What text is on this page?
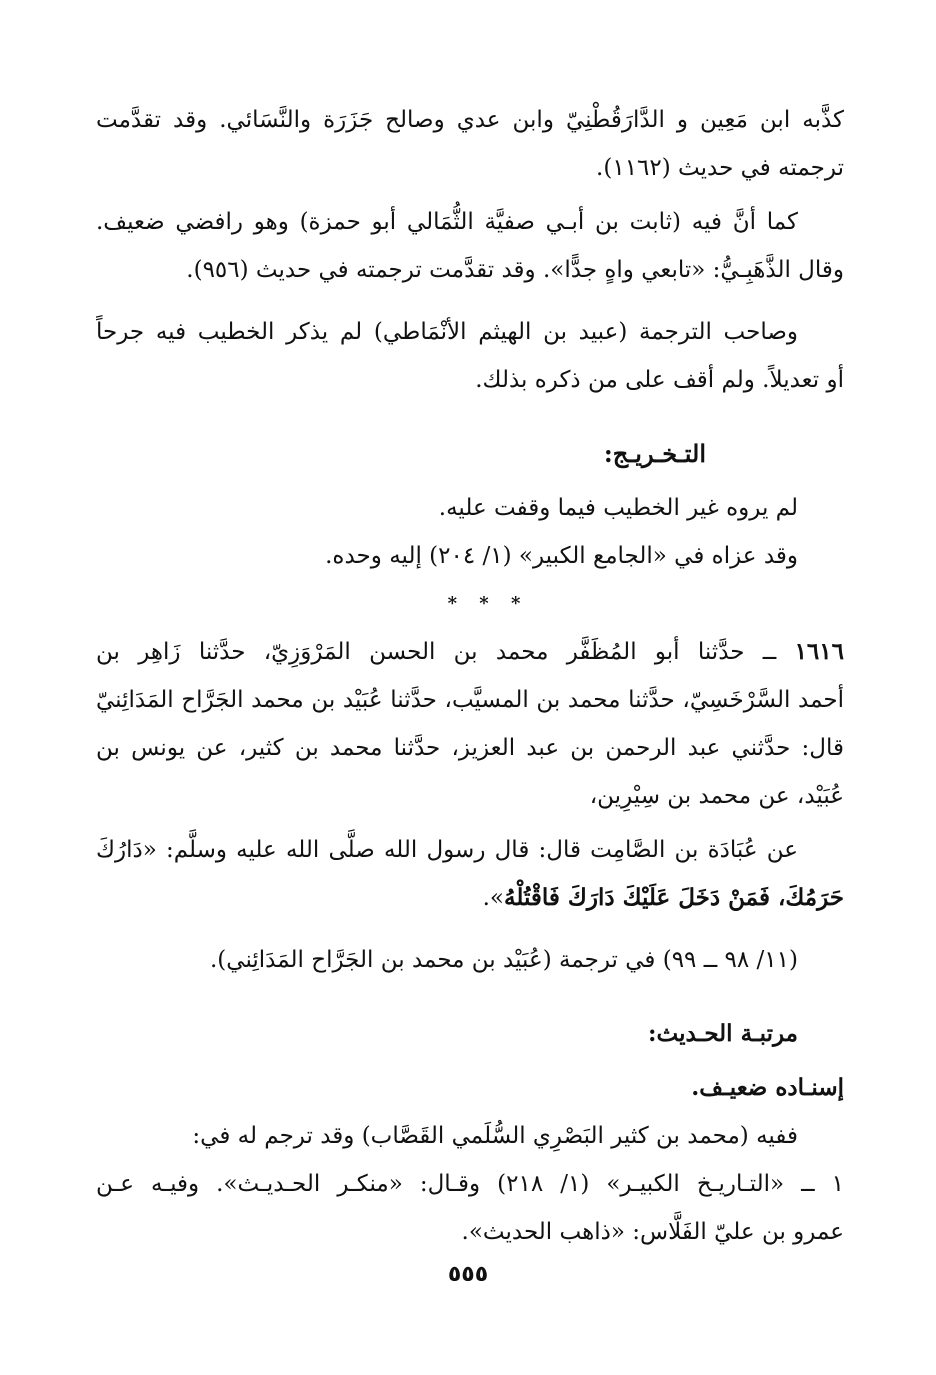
كذَّبه ابن مَعِين و الدَّارَقُطْنِيّ وابن عدي وصالح جَزَرَة والنَّسَائي. وقد تقدَّمت
ترجمته في حديث (١١٦٢).
كما أنَّ فيه (ثابت بن أبـي صفيَّة الثُّمَالي أبو حمزة) وهو رافضي ضعيف.
وقال الذَّهَبِـيُّ: «تابعي واهٍ جدًّا». وقد تقدَّمت ترجمته في حديث (٩٥٦).
وصاحب الترجمة (عبيد بن الهيثم الأنْمَاطي) لم يذكر الخطيب فيه جرحاً
أو تعديلاً. ولم أقف على من ذكره بذلك.
التـخـريـج:
لم يروه غير الخطيب فيما وقفت عليه.
وقد عزاه في «الجامع الكبير» (١/ ٢٠٤) إليه وحده.
* * *
١٦١٦ ــ حدَّثنا أبو المُظَفَّر محمد بن الحسن المَرْوَزِيّ، حدَّثنا زَاهِر بن
أحمد السَّرْخَسِيّ، حدَّثنا محمد بن المسيَّب، حدَّثنا عُبَيْد بن محمد الجَرَّاح المَدَائِنيّ
قال: حدَّثني عبد الرحمن بن عبد العزيز، حدَّثنا محمد بن كثير، عن يونس بن
عُبَيْد، عن محمد بن سِيْرِين،
عن عُبَادَة بن الصَّامِت قال: قال رسول الله صلَّى الله عليه وسلَّم: «دَارُكَ
حَرَمُكَ، فَمَنْ دَخَلَ عَلَيْكَ دَارَكَ فَاقْتُلْهُ».
(١١/ ٩٨ ــ ٩٩) في ترجمة (عُبَيْد بن محمد بن الجَرَّاح المَدَائِني).
مرتبـة الحـديث:
إسنـاده ضعيـف.
ففيه (محمد بن كثير البَصْرِي السُّلَمي القَصَّاب) وقد ترجم له في:
١ ــ «التـاريـخ الكبيـر» (١/ ٢١٨) وقـال: «منكـر الحـديـث». وفيـه عـن
عمرو بن عليّ الفَلَّاس: «ذاهب الحديث».
٥٥٥
